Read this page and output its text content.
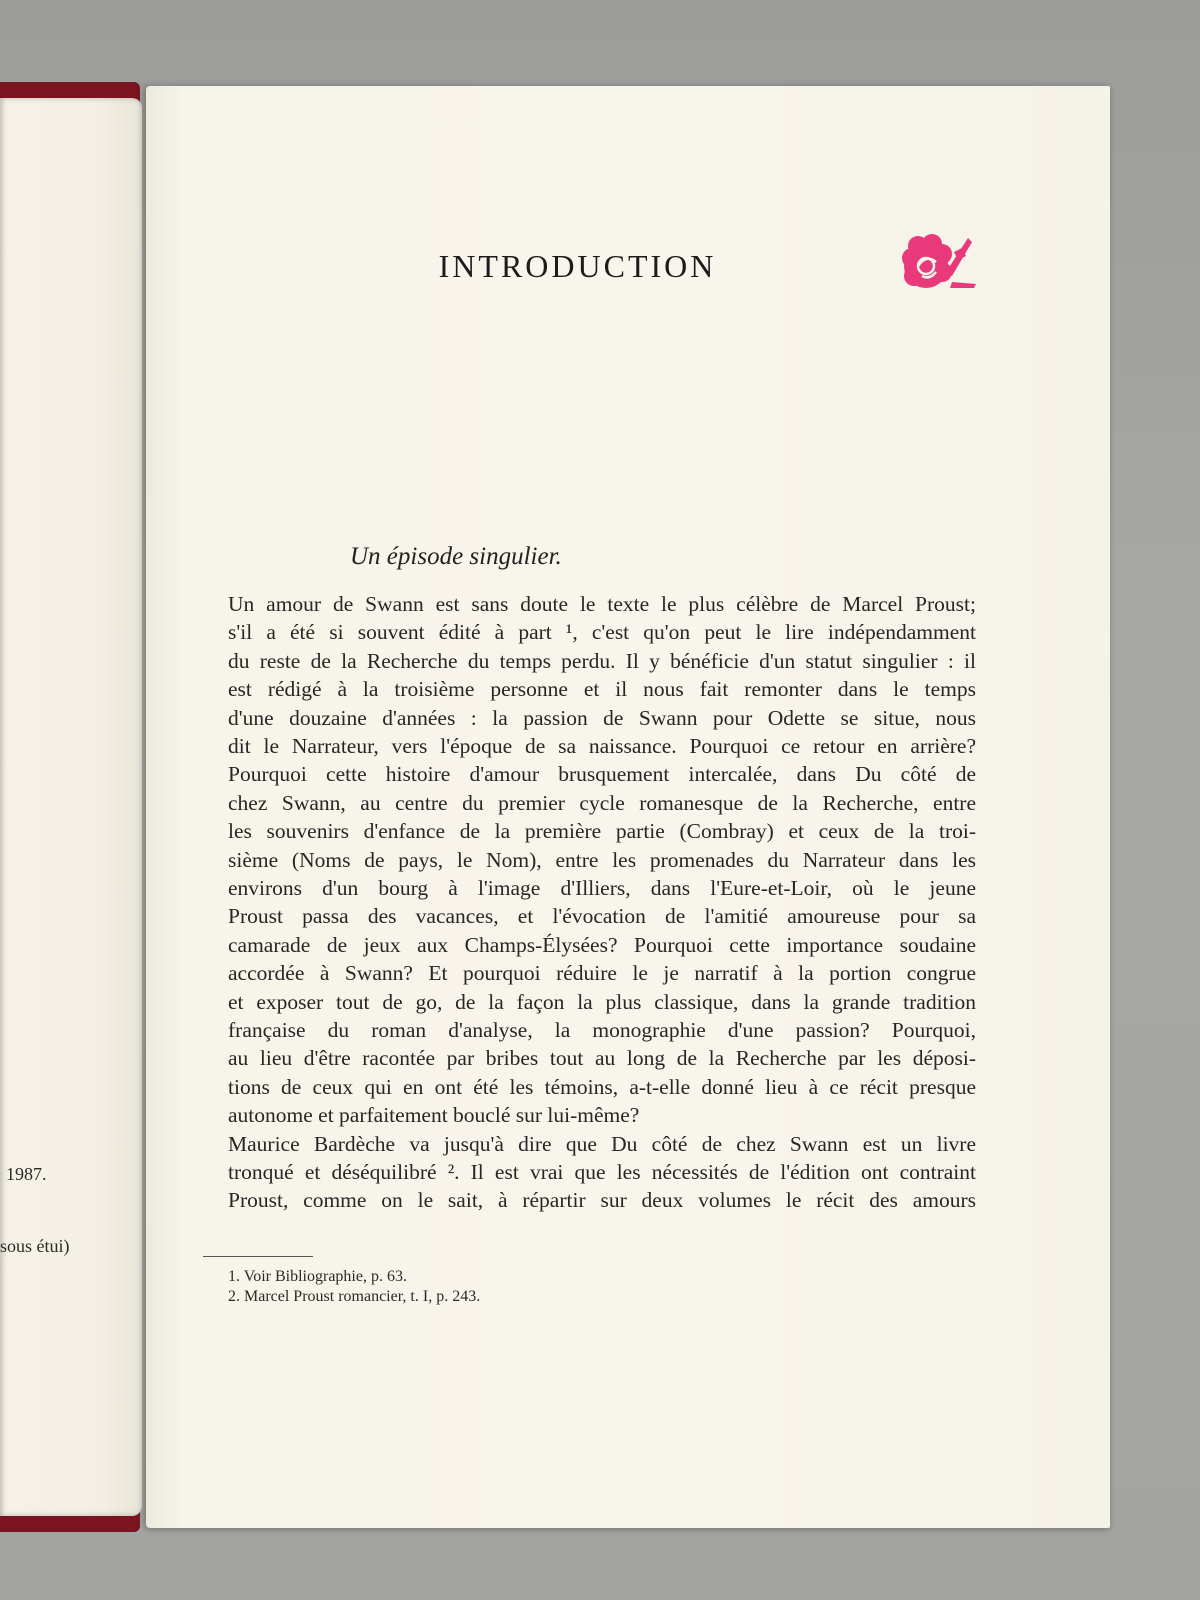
1987.
sous étui)
INTRODUCTION
Un épisode singulier.
Un amour de Swann est sans doute le texte le plus célèbre de Marcel Proust;
s'il a été si souvent édité à part ¹, c'est qu'on peut le lire indépendamment
du reste de la Recherche du temps perdu. Il y bénéficie d'un statut singulier : il
est rédigé à la troisième personne et il nous fait remonter dans le temps
d'une douzaine d'années : la passion de Swann pour Odette se situe, nous
dit le Narrateur, vers l'époque de sa naissance. Pourquoi ce retour en arrière?
Pourquoi cette histoire d'amour brusquement intercalée, dans Du côté de
chez Swann, au centre du premier cycle romanesque de la Recherche, entre
les souvenirs d'enfance de la première partie (Combray) et ceux de la troi-
sième (Noms de pays, le Nom), entre les promenades du Narrateur dans les
environs d'un bourg à l'image d'Illiers, dans l'Eure-et-Loir, où le jeune
Proust passa des vacances, et l'évocation de l'amitié amoureuse pour sa
camarade de jeux aux Champs-Élysées? Pourquoi cette importance soudaine
accordée à Swann? Et pourquoi réduire le je narratif à la portion congrue
et exposer tout de go, de la façon la plus classique, dans la grande tradition
française du roman d'analyse, la monographie d'une passion? Pourquoi,
au lieu d'être racontée par bribes tout au long de la Recherche par les déposi-
tions de ceux qui en ont été les témoins, a-t-elle donné lieu à ce récit presque
autonome et parfaitement bouclé sur lui-même?
Maurice Bardèche va jusqu'à dire que Du côté de chez Swann est un livre
tronqué et déséquilibré ². Il est vrai que les nécessités de l'édition ont contraint
Proust, comme on le sait, à répartir sur deux volumes le récit des amours
1. Voir Bibliographie, p. 63.
2. Marcel Proust romancier, t. I, p. 243.
